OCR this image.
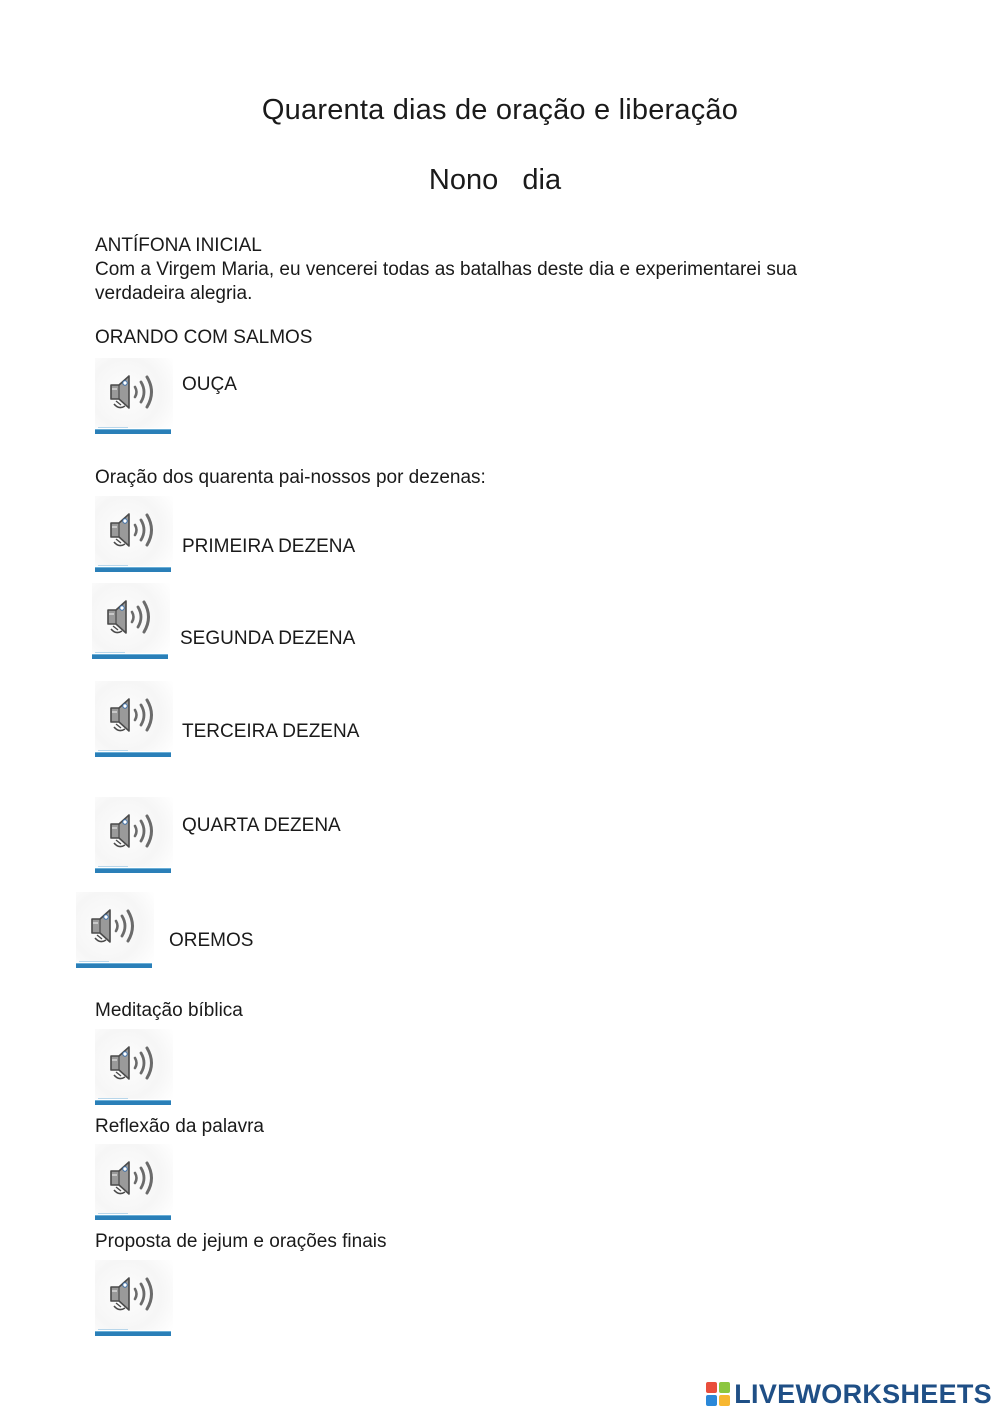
Quarenta dias de oração e liberação
Nono   dia
ANTÍFONA INICIAL
Com a Virgem Maria, eu vencerei todas as batalhas deste dia e experimentarei sua verdadeira alegria.
ORANDO COM SALMOS
OUÇA
Oração dos quarenta pai-nossos por dezenas:
PRIMEIRA DEZENA
SEGUNDA DEZENA
TERCEIRA DEZENA
QUARTA DEZENA
OREMOS
Meditação bíblica
Reflexão da palavra
Proposta de jejum e orações finais
LIVEWORKSHEETS
